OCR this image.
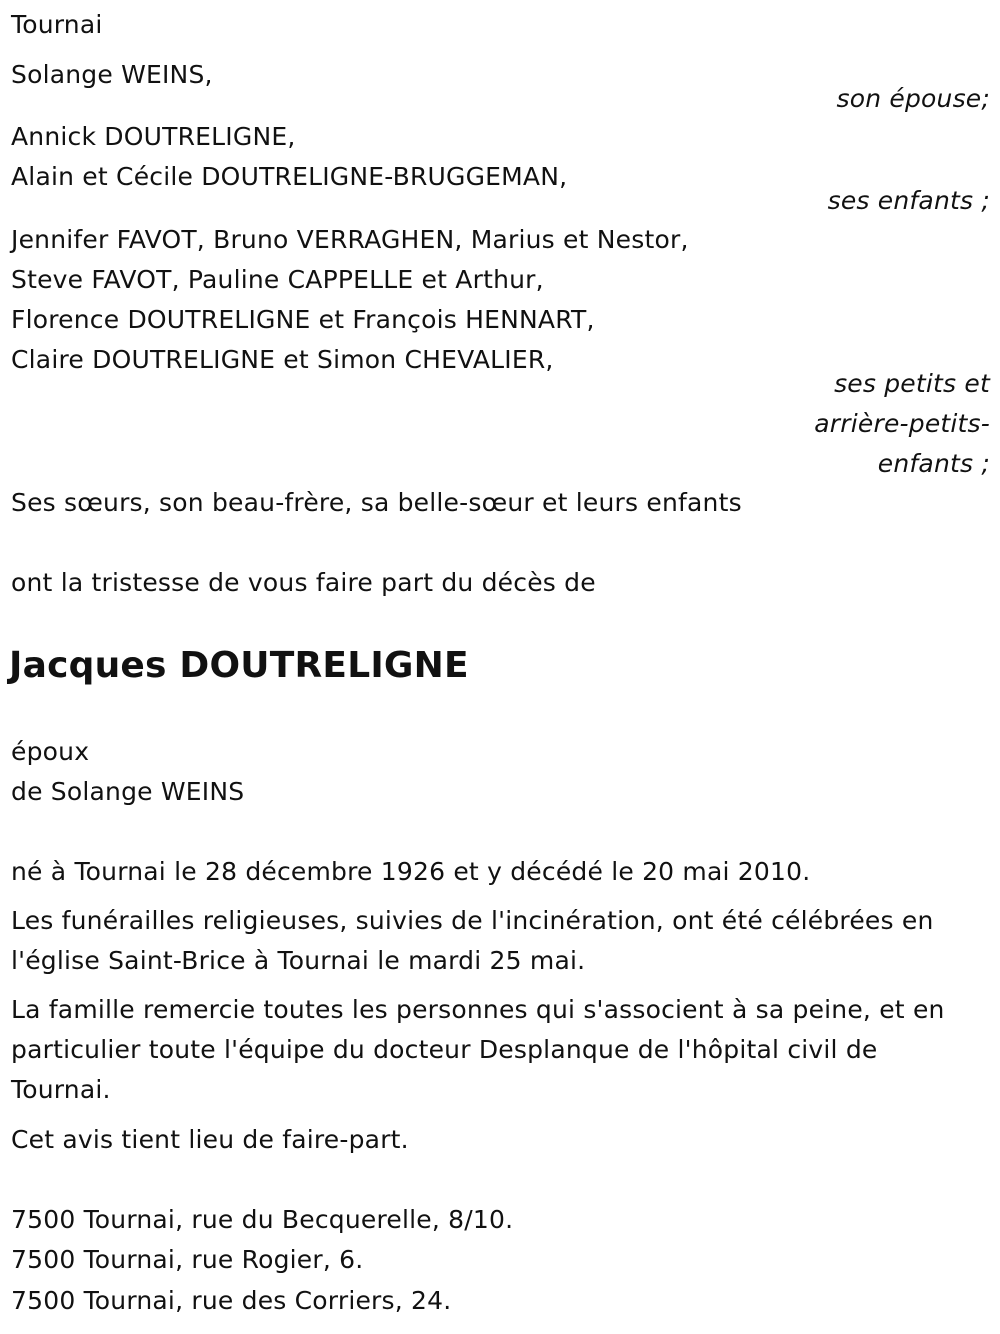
Tournai
Solange WEINS,
son épouse;
Annick DOUTRELIGNE,
Alain et Cécile DOUTRELIGNE-BRUGGEMAN,
ses enfants ;
Jennifer FAVOT, Bruno VERRAGHEN, Marius et Nestor,
Steve FAVOT, Pauline CAPPELLE et Arthur,
Florence DOUTRELIGNE et François HENNART,
Claire DOUTRELIGNE et Simon CHEVALIER,
ses petits et
arrière-petits-
enfants ;
Ses sœurs, son beau-frère, sa belle-sœur et leurs enfants
ont la tristesse de vous faire part du décès de
Jacques DOUTRELIGNE
époux
de Solange WEINS
né à Tournai le 28 décembre 1926 et y décédé le 20 mai 2010.
Les funérailles religieuses, suivies de l'incinération, ont été célébrées en
l'église Saint-Brice à Tournai le mardi 25 mai.
La famille remercie toutes les personnes qui s'associent à sa peine, et en
particulier toute l'équipe du docteur Desplanque de l'hôpital civil de
Tournai.
Cet avis tient lieu de faire-part.
7500 Tournai, rue du Becquerelle, 8/10.
7500 Tournai, rue Rogier, 6.
7500 Tournai, rue des Corriers, 24.
